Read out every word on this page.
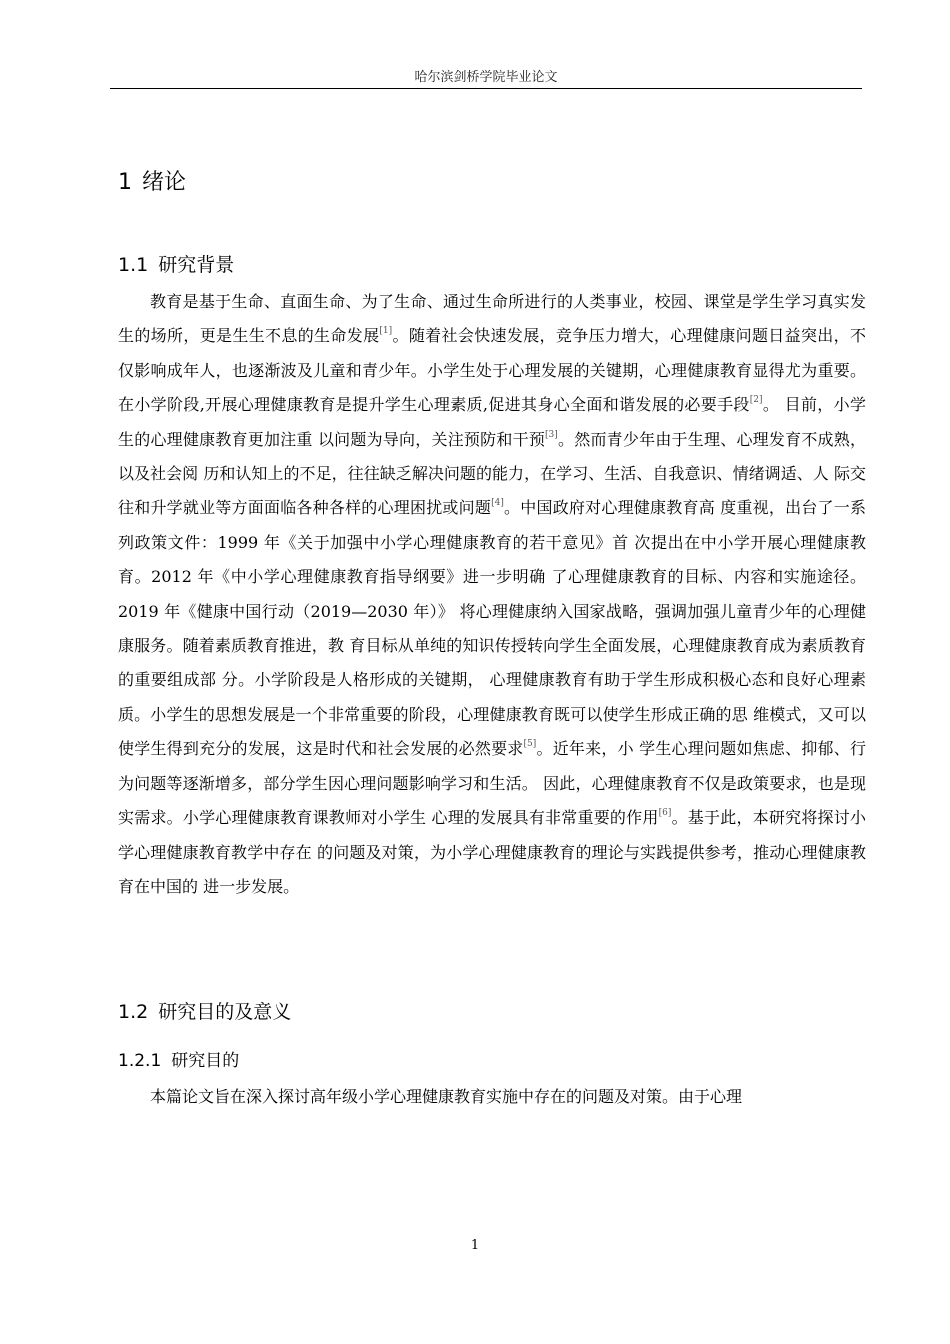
哈尔滨剑桥学院毕业论文
1 绪论
1.1 研究背景
教育是基于生命、直面生命、为了生命、通过生命所进行的人类事业，校园、课堂是学生学习真实发生的场所，更是生生不息的生命发展[1]。随着社会快速发展，竞争压力增大，心理健康问题日益突出，不仅影响成年人，也逐渐波及儿童和青少年。小学生处于心理发展的关键期，心理健康教育显得尤为重要。在小学阶段,开展心理健康教育是提升学生心理素质,促进其身心全面和谐发展的必要手段[2]。 目前，小学生的心理健康教育更加注重 以问题为导向，关注预防和干预[3]。然而青少年由于生理、心理发育不成熟，以及社会阅 历和认知上的不足，往往缺乏解决问题的能力，在学习、生活、自我意识、情绪调适、人 际交往和升学就业等方面面临各种各样的心理困扰或问题[4]。中国政府对心理健康教育高 度重视，出台了一系列政策文件：1999 年《关于加强中小学心理健康教育的若干意见》首 次提出在中小学开展心理健康教育。2012 年《中小学心理健康教育指导纲要》进一步明确 了心理健康教育的目标、内容和实施途径。2019 年《健康中国行动（2019—2030 年）》 将心理健康纳入国家战略，强调加强儿童青少年的心理健康服务。随着素质教育推进，教 育目标从单纯的知识传授转向学生全面发展，心理健康教育成为素质教育的重要组成部 分。小学阶段是人格形成的关键期， 心理健康教育有助于学生形成积极心态和良好心理素 质。小学生的思想发展是一个非常重要的阶段，心理健康教育既可以使学生形成正确的思 维模式，又可以使学生得到充分的发展，这是时代和社会发展的必然要求[5]。近年来，小 学生心理问题如焦虑、抑郁、行为问题等逐渐增多，部分学生因心理问题影响学习和生活。 因此，心理健康教育不仅是政策要求，也是现实需求。小学心理健康教育课教师对小学生 心理的发展具有非常重要的作用[6]。基于此，本研究将探讨小学心理健康教育教学中存在 的问题及对策，为小学心理健康教育的理论与实践提供参考，推动心理健康教育在中国的 进一步发展。
1.2 研究目的及意义
1.2.1 研究目的
本篇论文旨在深入探讨高年级小学心理健康教育实施中存在的问题及对策。由于心理
1
